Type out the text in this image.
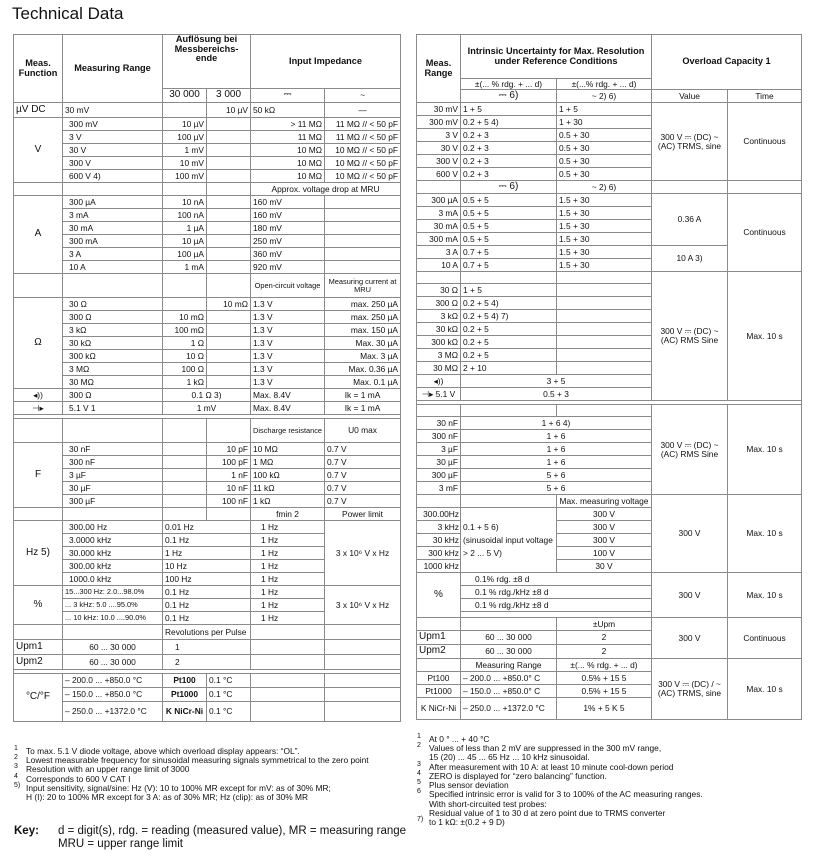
Technical Data
Meas. Function	Measuring Range	Auflösung bei Messbereichs- ende		Input Impedance	
		30 000	3 000	⎓	~
µV DC	30 mV		10 µV	50 kΩ	—
V	300 mV	10 µV		> 11 MΩ	11 MΩ // < 50 pF
	3 V	100 µV		11 MΩ	11 MΩ // < 50 pF
	30 V	1 mV		10 MΩ	10 MΩ // < 50 pF
	300 V	10 mV		10 MΩ	10 MΩ // < 50 pF
	600 V 4)	100 mV		10 MΩ	10 MΩ // < 50 pF
				Approx. voltage drop at MRU	
A	300 µA	10 nA		160 mV	
	3 mA	100 nA		160 mV	
	30 mA	1 µA		180 mV	
	300 mA	10 µA		250 mV	
	3 A	100 µA		360 mV	
	10 A	1 mA		920 mV	
				Open-circuit voltage	Measuring current at MRU
Ω	30 Ω		10 mΩ	1.3 V	max. 250 µA
	300 Ω	10 mΩ		1.3 V	max. 250 µA
	3 kΩ	100 mΩ		1.3 V	max. 150 µA
	30 kΩ	1 Ω		1.3 V	Max. 30 µA
	300 kΩ	10 Ω		1.3 V	Max. 3 µA
	3 MΩ	100 Ω		1.3 V	Max. 0.36 µA
	30 MΩ	1 kΩ		1.3 V	Max. 0.1 µA
◂))	300 Ω	0.1 Ω 3)		Max. 8.4V	Ik = 1 mA
⊣▸	5.1 V 1	1 mV		Max. 8.4V	Ik = 1 mA

				Discharge resistance	U0 max
F	30 nF		10 pF	10 MΩ	0.7 V
	300 nF		100 pF	1 MΩ	0.7 V
	3 µF		1 nF	100 kΩ	0.7 V
	30 µF		10 nF	11 kΩ	0.7 V
	300 µF		100 nF	1 kΩ	0.7 V
				fmin 2	Power limit
Hz 5)	300.00 Hz	0.01 Hz		1 Hz	3 x 10⁶ V x Hz
	3.0000 kHz	0.1 Hz		1 Hz	
	30.000 kHz	1 Hz		1 Hz	
	300.00 kHz	10 Hz		1 Hz	
	1000.0 kHz	100 Hz		1 Hz	
%	15...300 Hz: 2.0...98.0%	0.1 Hz		1 Hz	3 x 10⁶ V x Hz
	... 3 kHz: 5.0 ....95.0%	0.1 Hz		1 Hz	
	... 10 kHz: 10.0 ....90.0%	0.1 Hz		1 Hz	
		Revolutions per Pulse			
Upm1	60 ... 30 000	1			
Upm2	60 ... 30 000	2			

°C/°F	– 200.0 ... +850.0 °C	Pt100	0.1 °C		
	– 150.0 ... +850.0 °C	Pt1000	0.1 °C		
	– 250.0 ... +1372.0 °C	K NiCr-Ni	0.1 °C		
Meas. Range	Intrinsic Uncertainty for Max. Resolution under Reference Conditions		Overload Capacity 1		
	±(... % rdg. + ... d)	±(...% rdg. + ... d)			
	⎓ 6)	~ 2) 6)	Value	Time	
30 mV	1 + 5	1 + 5	300 V ⎓ (DC) ~ (AC) TRMS, sine	Continuous	
300 mV	0.2 + 5 4)	1 + 30			
3 V	0.2 + 3	0.5 + 30			
30 V	0.2 + 3	0.5 + 30			
300 V	0.2 + 3	0.5 + 30			
600 V	0.2 + 3	0.5 + 30	
	⎓ 6)	~ 2) 6)			
300 µA	0.5 + 5	1.5 + 30	0.36 A	Continuous	
3 mA	0.5 + 5	1.5 + 30			
30 mA	0.5 + 5	1.5 + 30			
300 mA	0.5 + 5	1.5 + 30			
3 A	0.7 + 5	1.5 + 30	10 A 3)		
10 A	0.7 + 5	1.5 + 30			
			300 V ⎓ (DC) ~ (AC) RMS Sine	Max. 10 s	
30 Ω	1 + 5				
300 Ω	0.2 + 5 4)				
3 kΩ	0.2 + 5 4) 7)				
30 kΩ	0.2 + 5				
300 kΩ	0.2 + 5				
3 MΩ	0.2 + 5				
30 MΩ	2 + 10				
◂))	3 + 5				
⊣▸ 5.1 V	0.5 + 3				

			300 V ⎓ (DC) ~ (AC) RMS Sine	Max. 10 s	
30 nF	1 + 6 4)				
300 nF	1 + 6				
3 µF	1 + 6				
30 µF	1 + 6				
300 µF	5 + 6				
3 mF	5 + 6				
		Max. measuring voltage	300 V	Max. 10 s	
300.00Hz		300 V			
3 kHz	0.1 + 5 6)	300 V			
30 kHz	(sinusoidal input voltage	300 V			
300 kHz	> 2 ... 5 V)	100 V			
1000 kHz		30 V			
%	0.1% rdg. ±8 d		300 V	Max. 10 s	
	0.1 % rdg./kHz ±8 d				
	0.1 % rdg./kHz ±8 d				

		±Upm	300 V	Continuous	
Upm1	60 ... 30 000	2			
Upm2	60 ... 30 000	2			
	Measuring Range	±(... % rdg. + ... d)	300 V ⎓ (DC) / ~ (AC) TRMS, sine	Max. 10 s	
Pt100	– 200.0 ... +850.0° C	0.5% + 15 5			
Pt1000	– 150.0 ... +850.0° C	0.5% + 15 5			
K NiCr-Ni	– 250.0 ... +1372.0 °C	1% + 5 K 5			
1 To max. 5.1 V diode voltage, above which overload display appears: “OL”.
2 Lowest measurable frequency for sinusoidal measuring signals symmetrical to the zero point
3 Resolution with an upper range limit of 3000
4 Corresponds to 600 V CAT I
5) Input sensitivity, signal/sine: Hz (V): 10 to 100% MR except for mV: as of 30% MR;
H (I): 20 to 100% MR except for 3 A: as of 30% MR; Hz (clip): as of 30% MR
1 At 0 ° ... + 40 °C
2 Values of less than 2 mV are suppressed in the 300 mV range,
15 (20) ... 45 ... 65 Hz ... 10 kHz sinusoidal.
3 After measurement with 10 A: at least 10 minute cool-down period
4 ZERO is displayed for “zero balancing” function.
5 Plus sensor deviation
6 Specified intrinsic error is valid for 3 to 100% of the AC measuring ranges.
With short-circuited test probes:
Residual value of 1 to 30 d at zero point due to TRMS converter
7) to 1 kΩ: ±(0.2 + 9 D)
Key: d = digit(s), rdg. = reading (measured value), MR = measuring range
MRU = upper range limit
